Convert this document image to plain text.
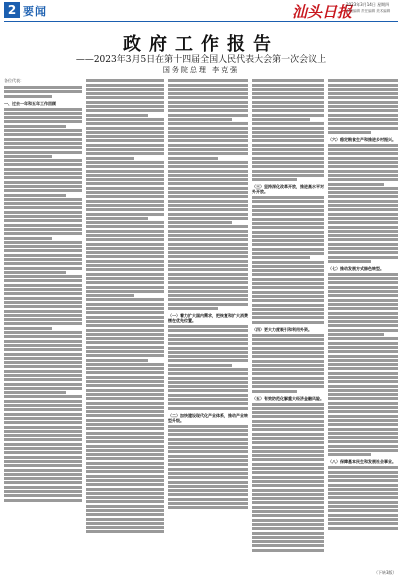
2 要闻	汕头日报
2023年3月14日 星期四
本版编辑 责任编辑 美术编辑
政府工作报告
——2023年3月5日在第十四届全国人民代表大会第一次会议上
国务院总理 李克强
各位代表：
一、过去一年和五年工作回顾
（一）着力扩大国内需求，把恢复和扩大消费摆在优先位置。
（二）加快建设现代化产业体系，推动产业转型升级。
（三）坚持深化改革开放，推进高水平对外开放。
（四）更大力度吸引和利用外资。
（五）有效防范化解重大经济金融风险。
（六）稳定粮食生产和推进乡村振兴。
（七）推动发展方式绿色转型。
（八）保障基本民生和发展社会事业。
（下转3版）
